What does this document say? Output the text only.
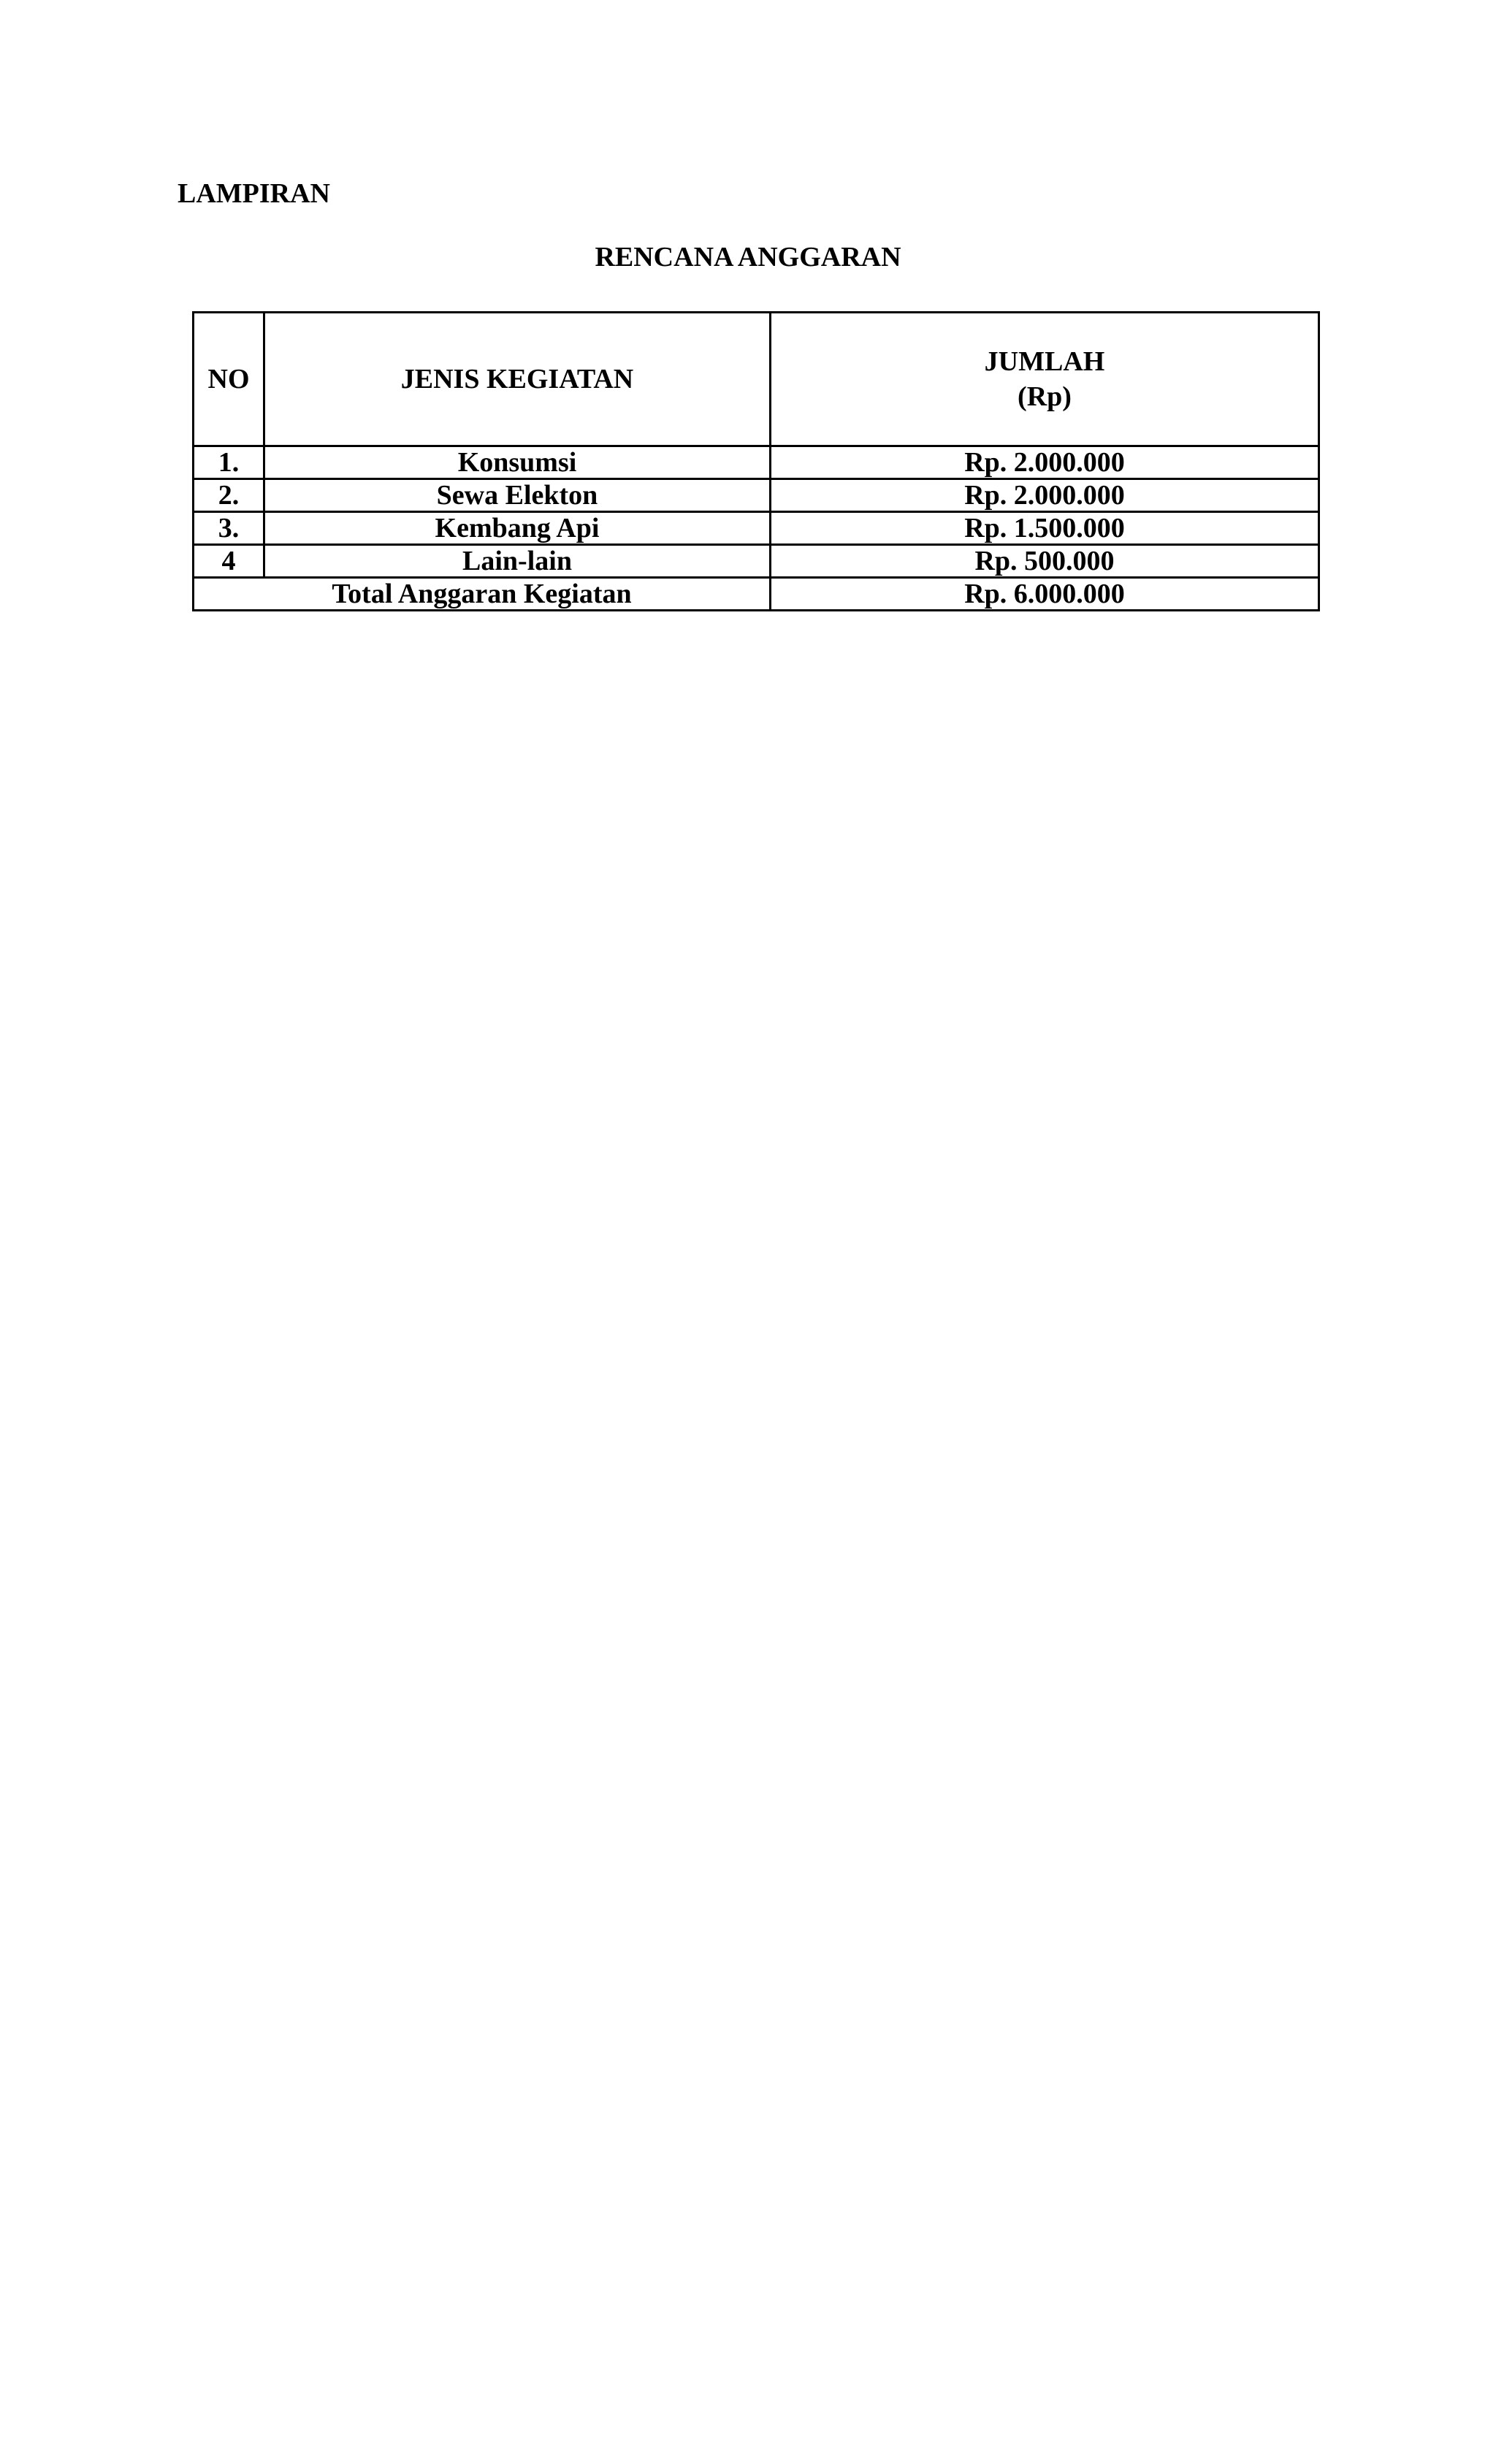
LAMPIRAN
RENCANA ANGGARAN
NO	JENIS KEGIATAN	JUMLAH
(Rp)

1.	Konsumsi	Rp. 2.000.000
2.	Sewa Elekton	Rp. 2.000.000
3.	Kembang Api	Rp. 1.500.000
4	Lain-lain	Rp. 500.000
Total Anggaran Kegiatan		Rp. 6.000.000
